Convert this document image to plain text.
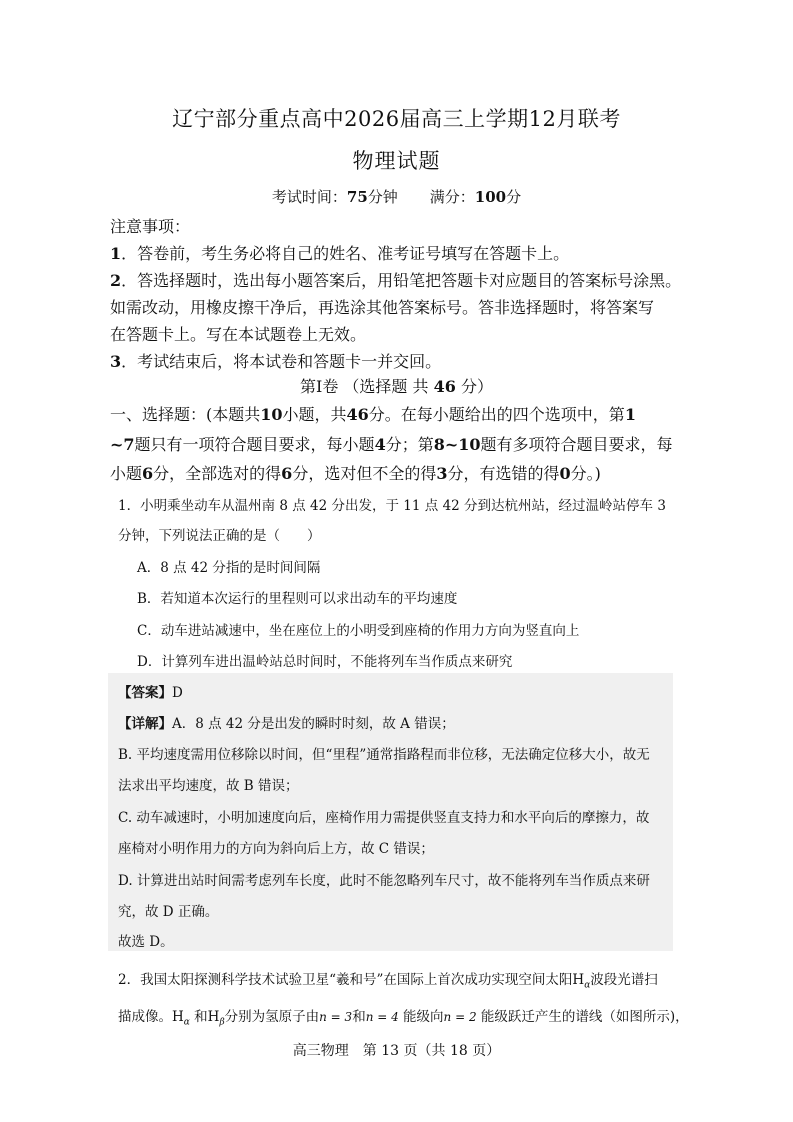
辽宁部分重点高中2026届高三上学期12月联考
物理试题
考试时间：75分钟 满分：100分
注意事项：
1．答卷前，考生务必将自己的姓名、准考证号填写在答题卡上。
2．答选择题时，选出每小题答案后，用铅笔把答题卡对应题目的答案标号涂黑。
如需改动，用橡皮擦干净后，再选涂其他答案标号。答非选择题时，将答案写
在答题卡上。写在本试题卷上无效。
3．考试结束后，将本试卷和答题卡一并交回。
第Ⅰ卷 （选择题 共 46 分）
一、选择题：(本题共10小题，共46分。在每小题给出的四个选项中，第1
~7题只有一项符合题目要求，每小题4分；第8~10题有多项符合题目要求，每
小题6分，全部选对的得6分，选对但不全的得3分，有选错的得0分。)
1．小明乘坐动车从温州南 8 点 42 分出发，于 11 点 42 分到达杭州站，经过温岭站停车 3
分钟，下列说法正确的是（　　）
A．8 点 42 分指的是时间间隔
B．若知道本次运行的里程则可以求出动车的平均速度
C．动车进站减速中，坐在座位上的小明受到座椅的作用力方向为竖直向上
D．计算列车进出温岭站总时间时，不能将列车当作质点来研究
【答案】D
【详解】A．8 点 42 分是出发的瞬时时刻，故 A 错误；
B. 平均速度需用位移除以时间，但“里程”通常指路程而非位移，无法确定位移大小，故无
法求出平均速度，故 B 错误；
C. 动车减速时，小明加速度向后，座椅作用力需提供竖直支持力和水平向后的摩擦力，故
座椅对小明作用力的方向为斜向后上方，故 C 错误；
D. 计算进出站时间需考虑列车长度，此时不能忽略列车尺寸，故不能将列车当作质点来研
究，故 D 正确。
故选 D。
2．我国太阳探测科学技术试验卫星“羲和号”在国际上首次成功实现空间太阳$H_\alpha$波段光谱扫
描成像。$H_\alpha$ 和$H_\beta$分别为氢原子由n = 3和n = 4 能级向n = 2 能级跃迁产生的谱线（如图所示)，
高三物理　第 13 页（共 18 页）
